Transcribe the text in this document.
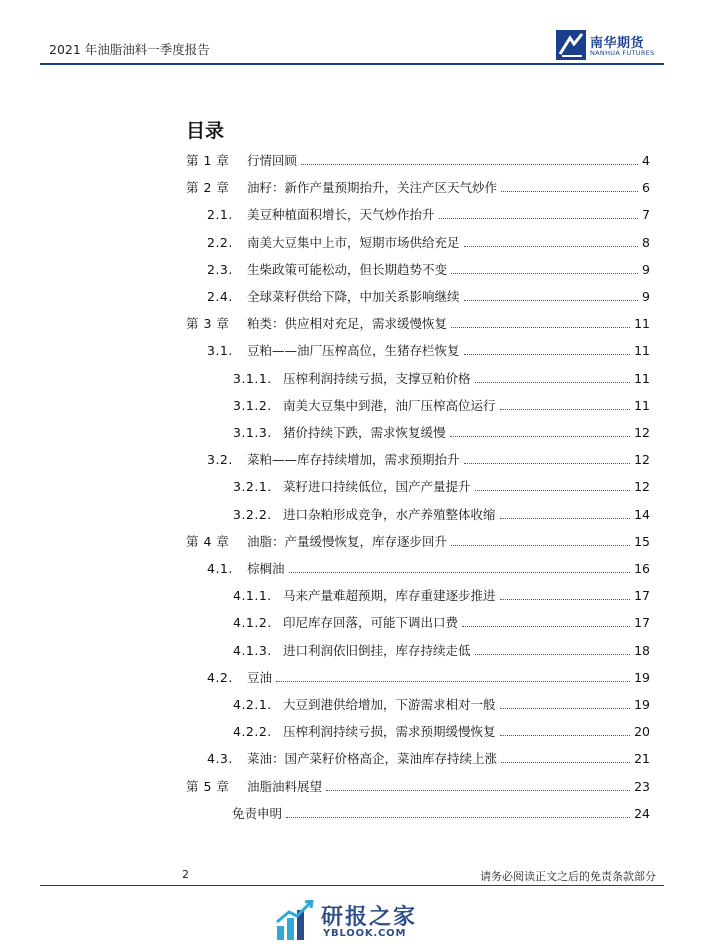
2021 年油脂油料一季度报告	南华期货
NANHUA FUTURES
目录
第 1 章 行情回顾	4
第 2 章 油籽：新作产量预期抬升，关注产区天气炒作	6
2.1. 美豆种植面积增长，天气炒作抬升	7
2.2. 南美大豆集中上市，短期市场供给充足	8
2.3. 生柴政策可能松动，但长期趋势不变	9
2.4. 全球菜籽供给下降，中加关系影响继续	9
第 3 章 粕类：供应相对充足，需求缓慢恢复	11
3.1. 豆粕——油厂压榨高位，生猪存栏恢复	11
3.1.1. 压榨利润持续亏损，支撑豆粕价格	11
3.1.2. 南美大豆集中到港，油厂压榨高位运行	11
3.1.3. 猪价持续下跌，需求恢复缓慢	12
3.2. 菜粕——库存持续增加，需求预期抬升	12
3.2.1. 菜籽进口持续低位，国产产量提升	12
3.2.2. 进口杂粕形成竞争，水产养殖整体收缩	14
第 4 章 油脂：产量缓慢恢复，库存逐步回升	15
4.1. 棕榈油	16
4.1.1. 马来产量难超预期，库存重建逐步推进	17
4.1.2. 印尼库存回落，可能下调出口费	17
4.1.3. 进口利润依旧倒挂，库存持续走低	18
4.2. 豆油	19
4.2.1. 大豆到港供给增加，下游需求相对一般	19
4.2.2. 压榨利润持续亏损，需求预期缓慢恢复	20
4.3. 菜油：国产菜籽价格高企，菜油库存持续上涨	21
第 5 章 油脂油料展望	23
免责申明	24
2	请务必阅读正文之后的免责条款部分
研报之家
YBLOOK.COM
